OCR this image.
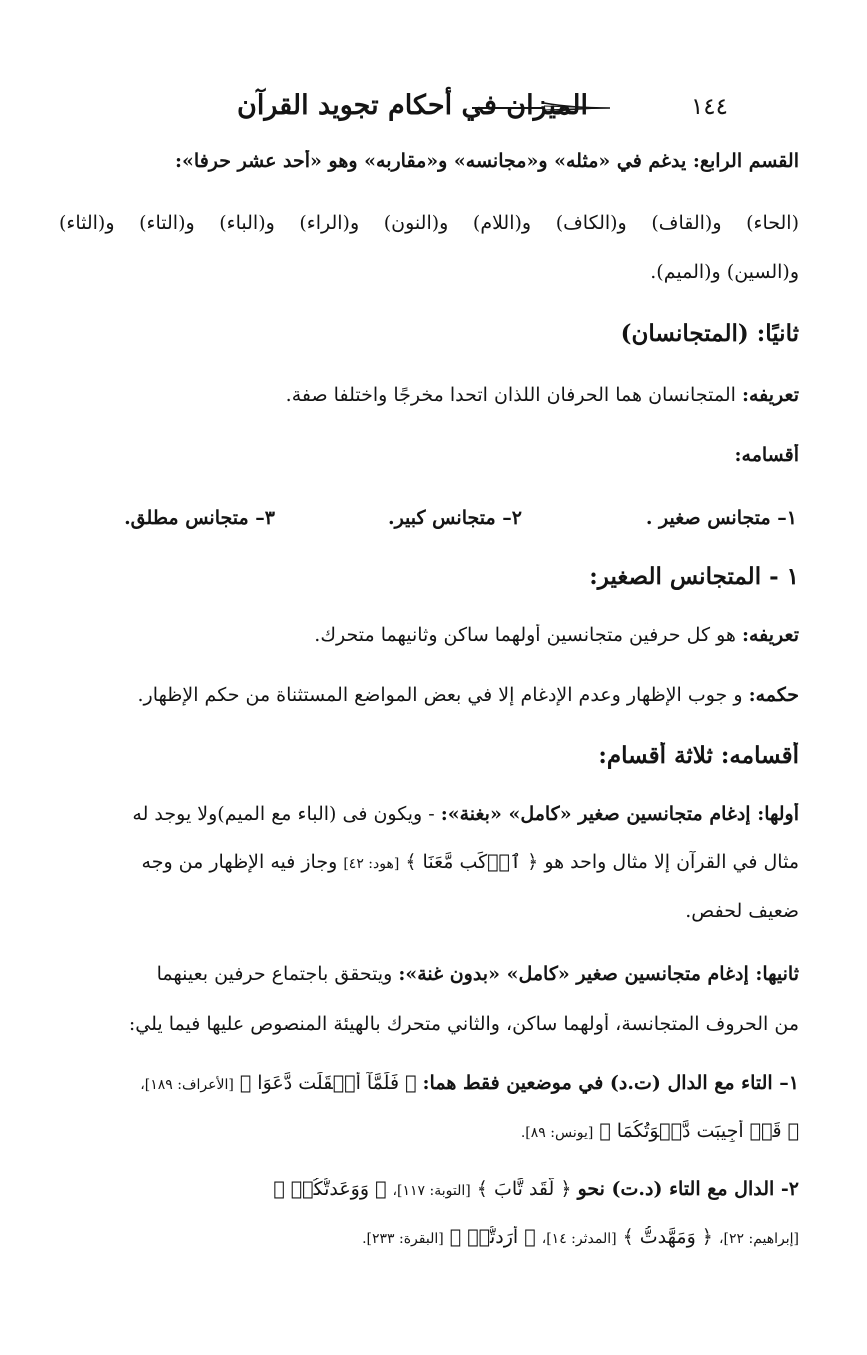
١٤٤
الميزان في أحكام تجويد القرآن
القسم الرابع: يدغم في «مثله» و«مجانسه» و«مقاربه» وهو «أحد عشر حرفا»:
(الحاء) و(القاف) و(الكاف) و(اللام) و(النون) و(الراء) و(الباء) و(التاء) و(الثاء)
و(السين) و(الميم).
ثانيًا: (المتجانسان)
تعريفه: المتجانسان هما الحرفان اللذان اتحدا مخرجًا واختلفا صفة.
أقسامه:
١– متجانس صغير .
٢– متجانس كبير.
٣– متجانس مطلق.
١ - المتجانس الصغير:
تعريفه: هو كل حرفين متجانسين أولهما ساكن وثانيهما متحرك.
حكمه: و جوب الإظهار وعدم الإدغام إلا في بعض المواضع المستثناة من حكم الإظهار.
أقسامه: ثلاثة أقسام:
أولها: إدغام متجانسين صغير «كامل» «بغنة»: - ويكون فى (الباء مع الميم)ولا يوجد له
مثال في القرآن إلا مثال واحد هو ﴿ ٱرۡكَب مَّعَنَا ﴾ [هود: ٤٢] وجاز فيه الإظهار من وجه
ضعيف لحفص.
ثانيها: إدغام متجانسين صغير «كامل» «بدون غنة»: ويتحقق باجتماع حرفين بعينهما
من الحروف المتجانسة، أولهما ساكن، والثاني متحرك بالهيئة المنصوص عليها فيما يلي:
١– التاء مع الدال (ت.د) في موضعين فقط هما: ﴿ فَلَمَّآ أَثۡقَلَت دَّعَوَا ﴾ [الأعراف: ١٨٩]،
﴿ قَدۡ أُجِيبَت دَّعۡوَتُكُمَا ﴾ [يونس: ٨٩].
٢- الدال مع التاء (د.ت) نحو ﴿ لَّقَد تَّابَ ﴾ [التوبة: ١١٧]، ﴿ وَوَعَدتُّكُمۡ ﴾
[إبراهيم: ٢٢]، ﴿ وَمَهَّدتُّ ﴾ [المدثر: ١٤]، ﴿ أَرَدتُّمۡ ﴾ [البقرة: ٢٣٣].
